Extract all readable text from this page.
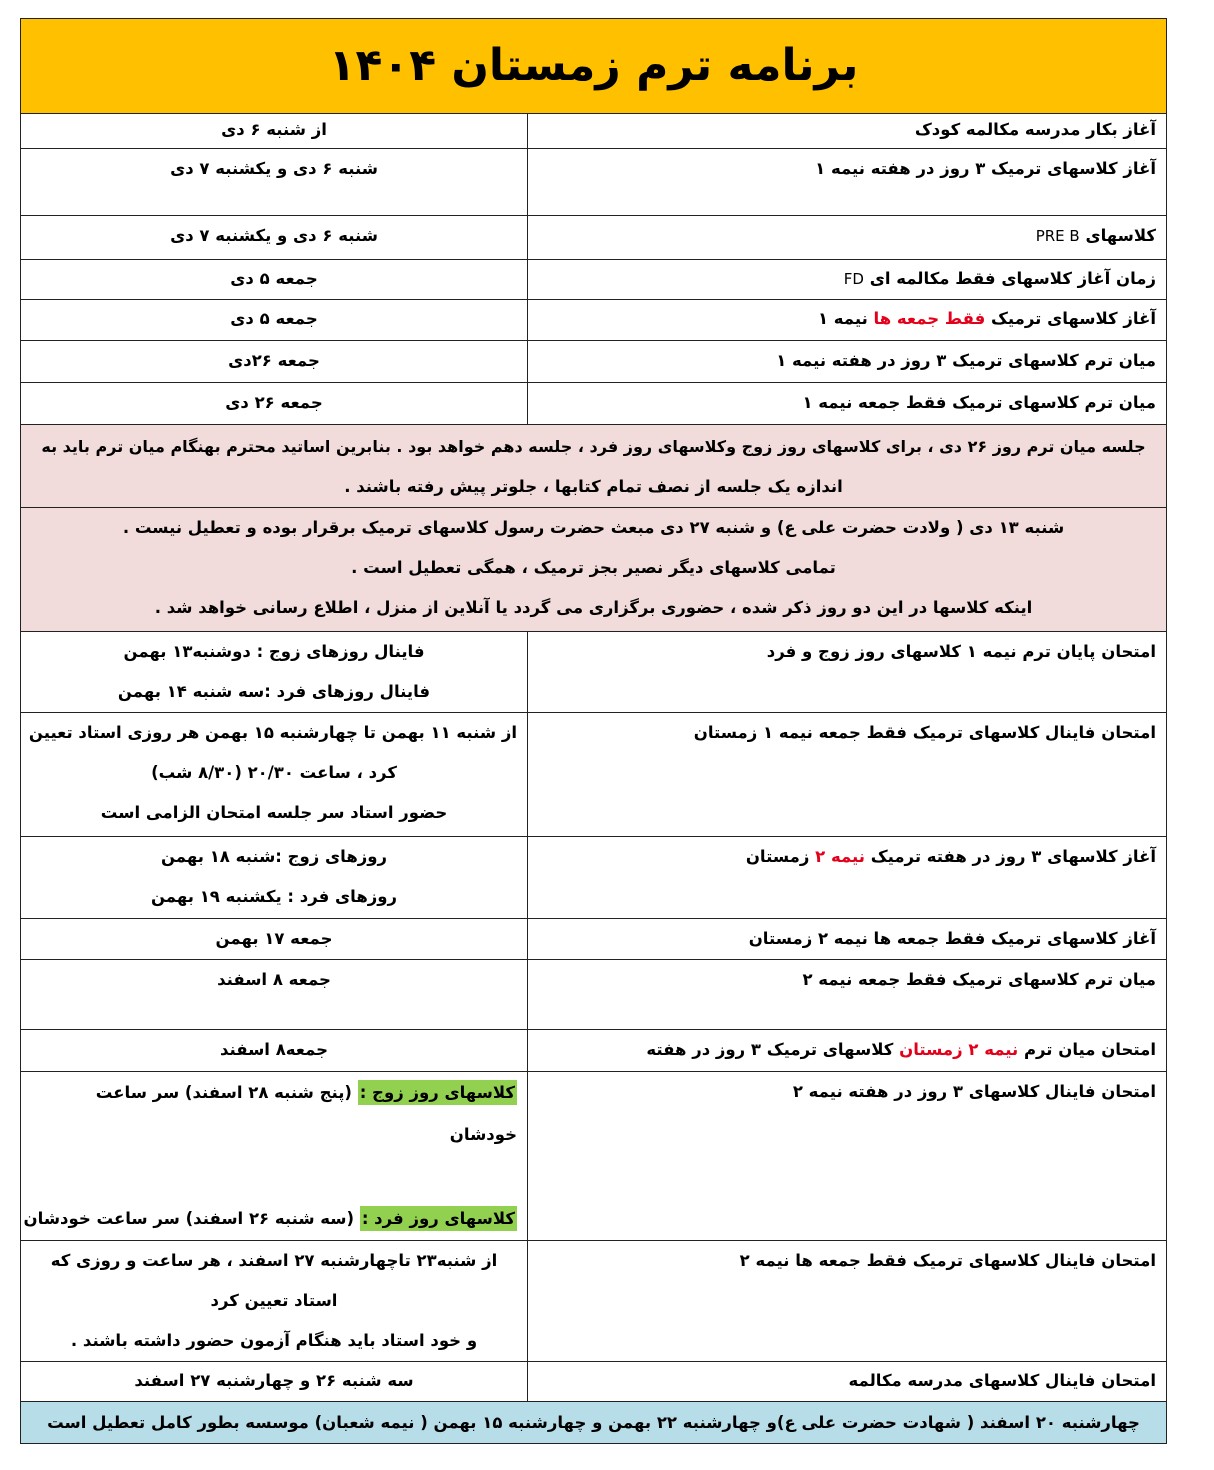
برنامه ترم زمستان ۱۴۰۴	
آغاز بکار مدرسه مکالمه کودک	از شنبه ۶ دی
آغاز کلاسهای ترمیک ۳ روز در هفته نیمه ۱	شنبه ۶ دی و یکشنبه ۷ دی
کلاسهای PRE B	شنبه ۶ دی و یکشنبه ۷ دی
زمان آغاز کلاسهای فقط مکالمه ای FD	جمعه ۵ دی
آغاز کلاسهای ترمیک فقط جمعه ها نیمه ۱	جمعه ۵ دی
میان ترم کلاسهای ترمیک ۳ روز در هفته نیمه ۱	جمعه ۲۶دی
میان ترم کلاسهای ترمیک فقط جمعه نیمه ۱	جمعه ۲۶ دی

جلسه میان ترم روز ۲۶ دی ، برای کلاسهای روز زوج وکلاسهای روز فرد ، جلسه دهم خواهد بود . بنابرین اساتید محترم بهنگام میان ترم باید به
اندازه یک جلسه از نصف تمام کتابها ، جلوتر پیش رفته باشند .	

شنبه ۱۳ دی ( ولادت حضرت علی ع) و شنبه ۲۷ دی مبعث حضرت رسول کلاسهای ترمیک برقرار بوده و تعطیل نیست .
تمامی کلاسهای دیگر نصیر بجز ترمیک ، همگی تعطیل است .
اینکه کلاسها در این دو روز ذکر شده ، حضوری برگزاری می گردد یا آنلاین از منزل ، اطلاع رسانی خواهد شد .	

امتحان پایان ترم نیمه ۱ کلاسهای روز زوج و فرد	فاینال روزهای زوج : دوشنبه۱۳ بهمن
فاینال روزهای فرد :سه شنبه ۱۴ بهمن

امتحان فاینال کلاسهای ترمیک فقط جمعه نیمه ۱ زمستان	از شنبه ۱۱ بهمن تا چهارشنبه ۱۵ بهمن هر روزی استاد تعیین
کرد ، ساعت ۲۰/۳۰ (۸/۳۰ شب)
حضور استاد سر جلسه امتحان الزامی است

آغاز کلاسهای ۳ روز در هفته ترمیک نیمه ۲ زمستان	روزهای زوج :شنبه ۱۸ بهمن
روزهای فرد : یکشنبه ۱۹ بهمن

آغاز کلاسهای ترمیک فقط جمعه ها نیمه ۲ زمستان	جمعه ۱۷ بهمن
میان ترم کلاسهای ترمیک فقط جمعه نیمه ۲	جمعه ۸ اسفند
امتحان میان ترم نیمه ۲ زمستان کلاسهای ترمیک ۳ روز در هفته	جمعه۸ اسفند
امتحان فاینال کلاسهای ۳ روز در هفته نیمه ۲	کلاسهای روز زوج : (پنج شنبه ۲۸ اسفند) سر ساعت
خودشان

کلاسهای روز فرد : (سه شنبه ۲۶ اسفند) سر ساعت خودشان

امتحان فاینال کلاسهای ترمیک فقط جمعه ها نیمه ۲	از شنبه۲۳ تاچهارشنبه ۲۷ اسفند ، هر ساعت و روزی که
استاد تعیین کرد
و خود استاد باید هنگام آزمون حضور داشته باشند .

امتحان فاینال کلاسهای مدرسه مکالمه	سه شنبه ۲۶ و چهارشنبه ۲۷ اسفند
چهارشنبه ۲۰ اسفند ( شهادت حضرت علی ع)و چهارشنبه ۲۲ بهمن و چهارشنبه ۱۵ بهمن ( نیمه شعبان) موسسه بطور کامل تعطیل است	
